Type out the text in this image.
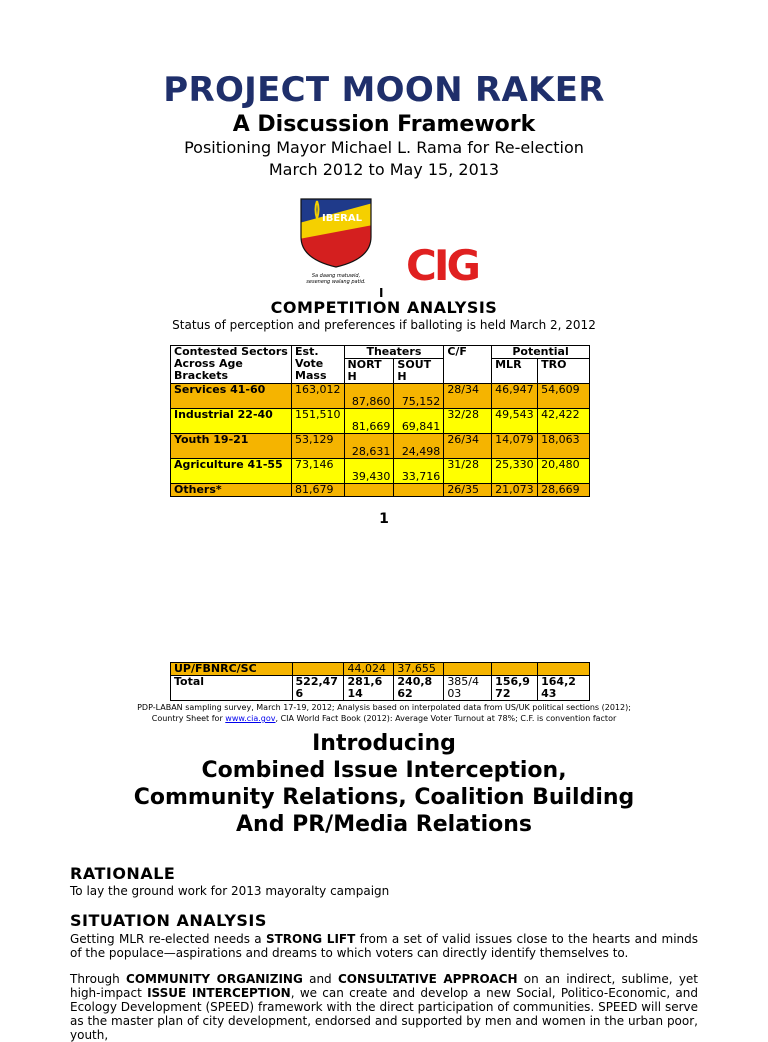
PROJECT MOON RAKER
A Discussion Framework
Positioning Mayor Michael L. Rama for Re-election
March 2012 to May 15, 2013
IBERAL
Sa daang matuwid,
seseneng walang patid. CIG
I
COMPETITION ANALYSIS
Status of perception and preferences if balloting is held March 2, 2012
Contested Sectors Across Age Brackets	Est. Vote Mass	Theaters		C/F	Potential	
		NORT H	SOUT H		MLR	TRO
Services 41-60	163,012	87,860	75,152	28/34	46,947	54,609
Industrial 22-40	151,510	81,669	69,841	32/28	49,543	42,422
Youth 19-21	53,129	28,631	24,498	26/34	14,079	18,063
Agriculture 41-55	73,146	39,430	33,716	31/28	25,330	20,480
Others*	81,679			26/35	21,073	28,669
1
UP/FBNRC/SC		44,024	37,655			
Total	522,47 6	281,6 14	240,8 62	385/4 03	156,9 72	164,2 43
PDP-LABAN sampling survey, March 17-19, 2012; Analysis based on interpolated data from US/UK political sections (2012);
Country Sheet for www.cia.gov, CIA World Fact Book (2012): Average Voter Turnout at 78%; C.F. is convention factor
Introducing
Combined Issue Interception,
Community Relations, Coalition Building
And PR/Media Relations
RATIONALE
To lay the ground work for 2013 mayoralty campaign
SITUATION ANALYSIS
Getting MLR re-elected needs a STRONG LIFT from a set of valid issues close to the hearts and minds of the populace—aspirations and dreams to which voters can directly identify themselves to.
Through COMMUNITY ORGANIZING and CONSULTATIVE APPROACH on an indirect, sublime, yet high-impact ISSUE INTERCEPTION, we can create and develop a new Social, Politico-Economic, and Ecology Development (SPEED) framework with the direct participation of communities. SPEED will serve as the master plan of city development, endorsed and supported by men and women in the urban poor, youth,
